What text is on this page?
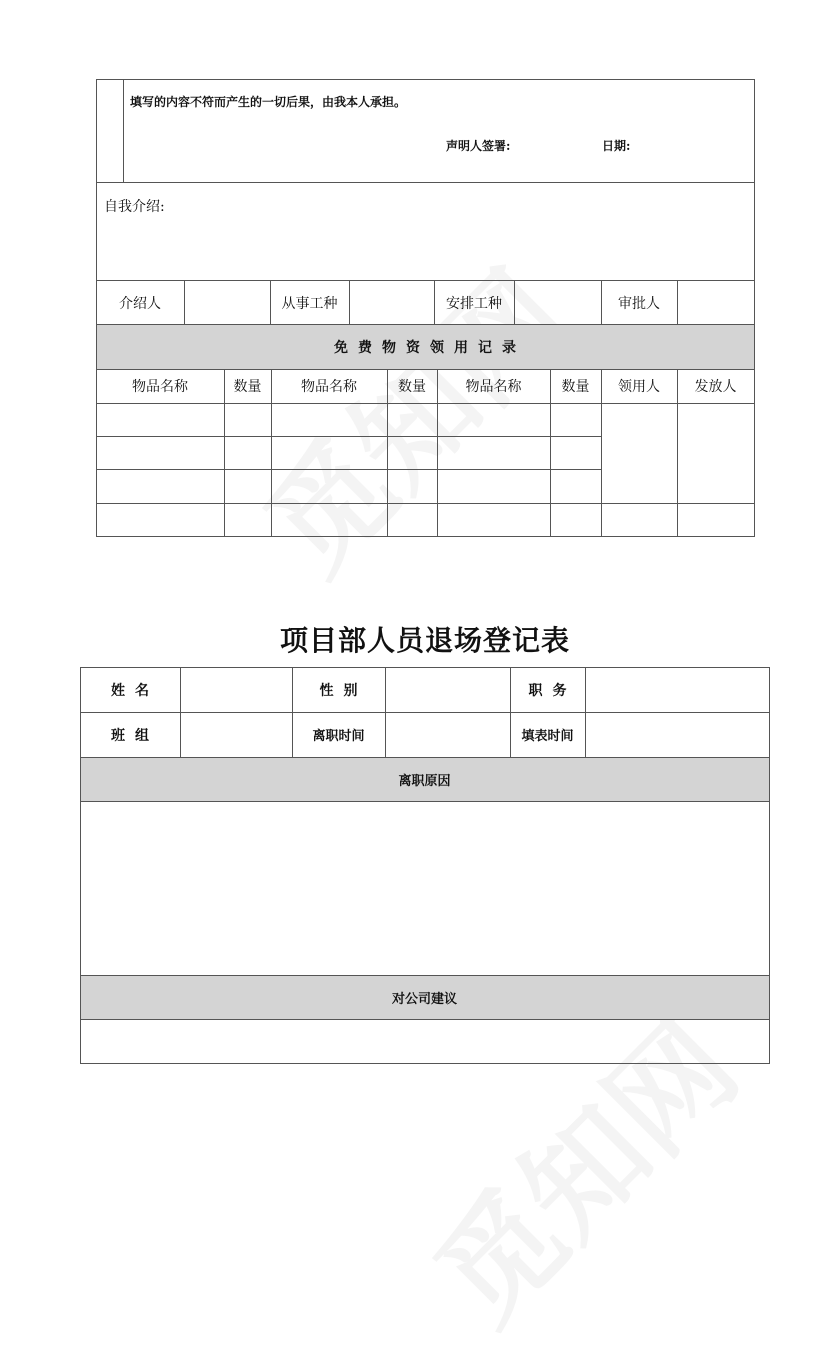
填写的内容不符而产生的一切后果，由我本人承担。
声明人签署:	日期:
自我介绍:
介绍人	从事工种	安排工种	审批人
免费物资领用记录
物品名称	数量	物品名称	数量	物品名称	数量	领用人	发放人
项目部人员退场登记表
姓名	性别	职务
班组	离职时间	填表时间
离职原因
对公司建议
